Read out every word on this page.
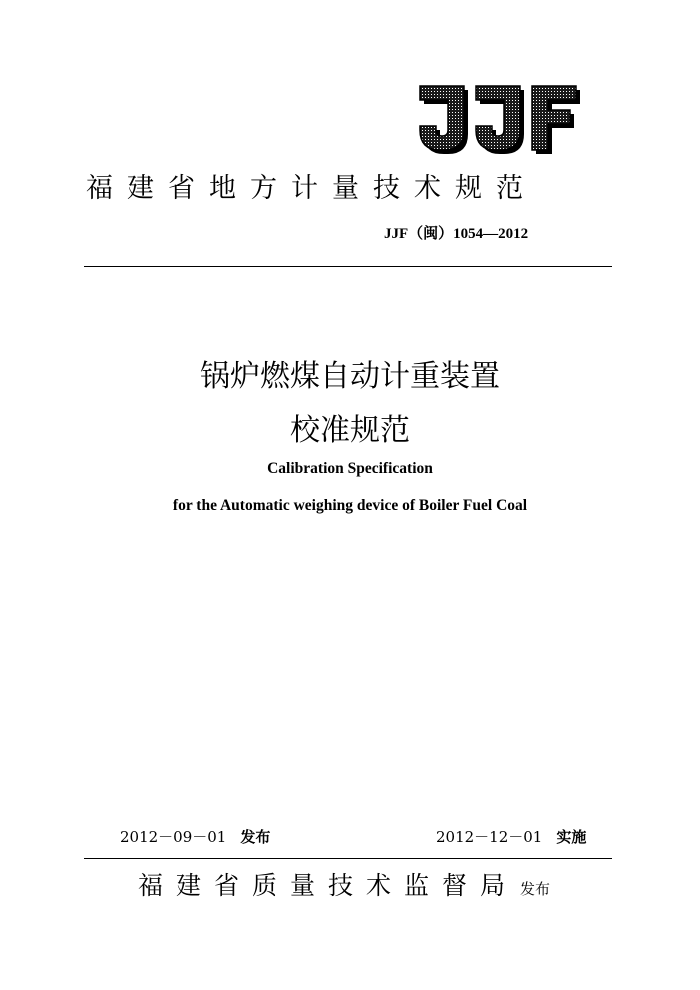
JJF
福建省地方计量技术规范
JJF（闽）1054—2012
锅炉燃煤自动计重装置
校准规范
Calibration Specification
for the Automatic weighing device of Boiler Fuel Coal
2012－09－01 发布	2012－12－01 实施
福建省质量技术监督局 发布
